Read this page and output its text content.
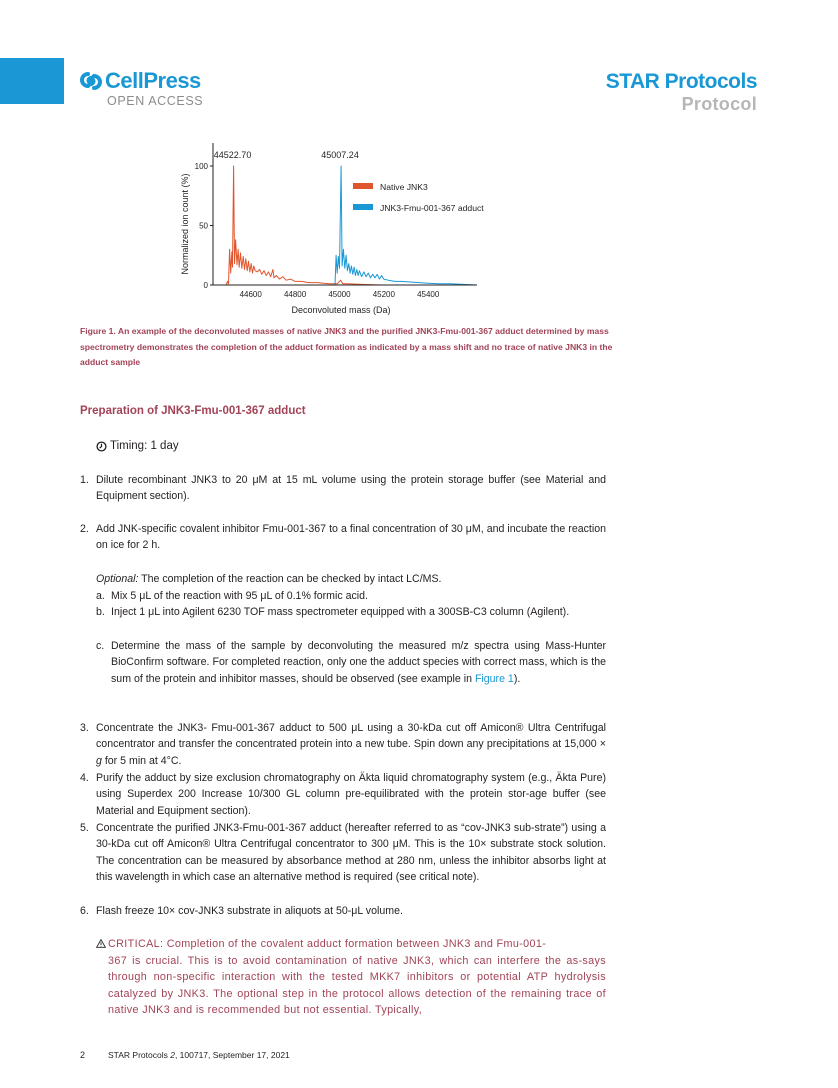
CellPress
OPEN ACCESS
STAR Protocols
Protocol
0
50
100
44600	44800	45000	45200	45400
Deconvoluted mass (Da)
Normalized ion count (%)
44522.70	45007.24
Native JNK3
JNK3-Fmu-001-367 adduct
Figure 1. An example of the deconvoluted masses of native JNK3 and the purified JNK3-Fmu-001-367 adduct determined by mass spectrometry demonstrates the completion of the adduct formation as indicated by a mass shift and no trace of native JNK3 in the adduct sample
Preparation of JNK3-Fmu-001-367 adduct
Timing: 1 day
1. Dilute recombinant JNK3 to 20 μM at 15 mL volume using the protein storage buffer (see Material and Equipment section).
2. Add JNK-specific covalent inhibitor Fmu-001-367 to a final concentration of 30 μM, and incubate the reaction on ice for 2 h.
Optional: The completion of the reaction can be checked by intact LC/MS.
a. Mix 5 μL of the reaction with 95 μL of 0.1% formic acid.
b. Inject 1 μL into Agilent 6230 TOF mass spectrometer equipped with a 300SB-C3 column (Agilent).
c. Determine the mass of the sample by deconvoluting the measured m/z spectra using Mass-Hunter BioConfirm software. For completed reaction, only one the adduct species with correct mass, which is the sum of the protein and inhibitor masses, should be observed (see example in Figure 1).
3. Concentrate the JNK3- Fmu-001-367 adduct to 500 μL using a 30-kDa cut off Amicon® Ultra Centrifugal concentrator and transfer the concentrated protein into a new tube. Spin down any precipitations at 15,000 × g for 5 min at 4°C.
4. Purify the adduct by size exclusion chromatography on Äkta liquid chromatography system (e.g., Äkta Pure) using Superdex 200 Increase 10/300 GL column pre-equilibrated with the protein stor-age buffer (see Material and Equipment section).
5. Concentrate the purified JNK3-Fmu-001-367 adduct (hereafter referred to as “cov-JNK3 sub-strate”) using a 30-kDa cut off Amicon® Ultra Centrifugal concentrator to 300 μM. This is the 10× substrate stock solution. The concentration can be measured by absorbance method at 280 nm, unless the inhibitor absorbs light at this wavelength in which case an alternative method is required (see critical note).
6. Flash freeze 10× cov-JNK3 substrate in aliquots at 50-μL volume.
CRITICAL: Completion of the covalent adduct formation between JNK3 and Fmu-001-
367 is crucial. This is to avoid contamination of native JNK3, which can interfere the as-says through non-specific interaction with the tested MKK7 inhibitors or potential ATP hydrolysis catalyzed by JNK3. The optional step in the protocol allows detection of the remaining trace of native JNK3 and is recommended but not essential. Typically,
2	STAR Protocols 2, 100717, September 17, 2021
